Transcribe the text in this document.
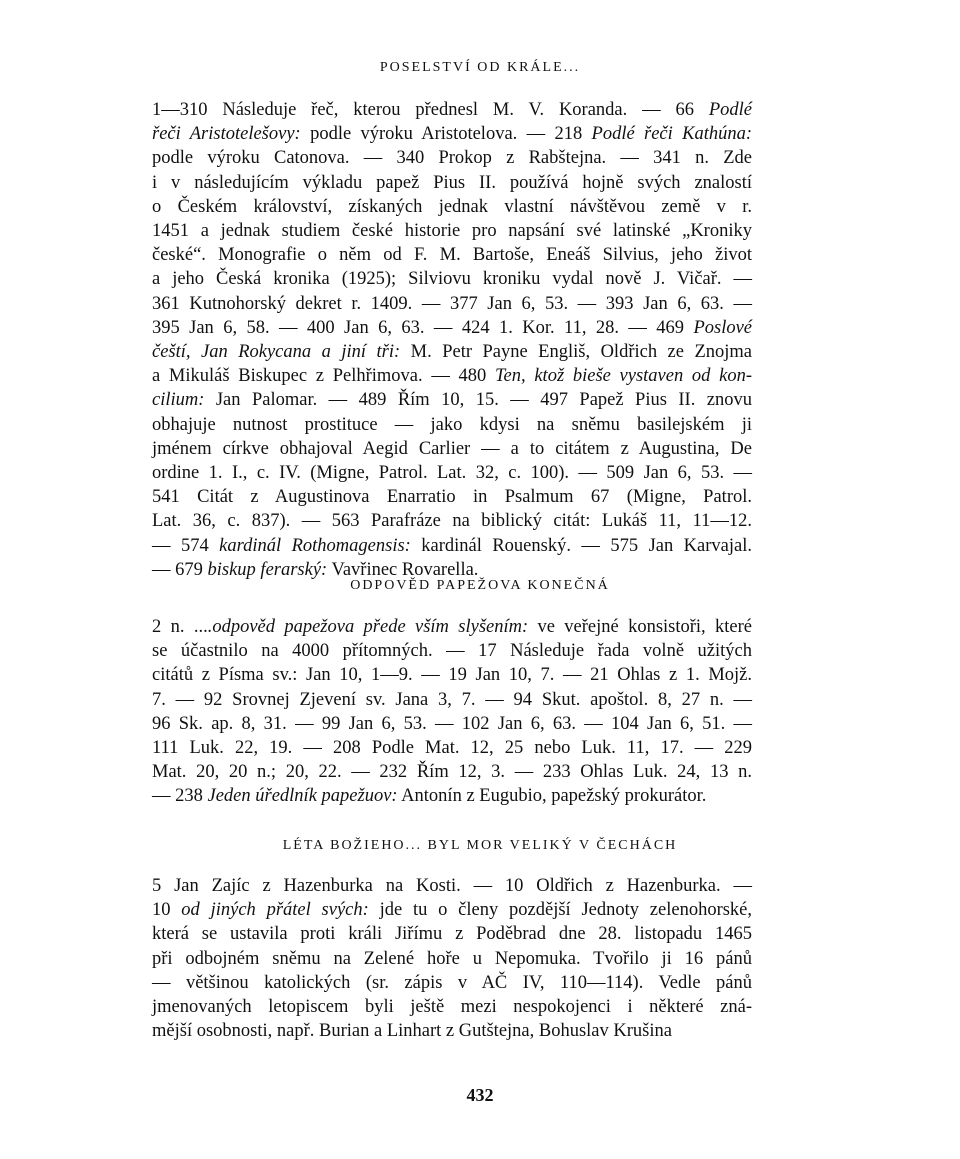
POSELSTVÍ OD KRÁLE...
1—310 Následuje řeč, kterou přednesl M. V. Koranda. — 66 Podlé
řeči Aristotelešovy: podle výroku Aristotelova. — 218 Podlé řeči Kathúna:
podle výroku Catonova. — 340 Prokop z Rabštejna. — 341 n. Zde
i v následujícím výkladu papež Pius II. používá hojně svých znalostí
o Českém království, získaných jednak vlastní návštěvou země v r.
1451 a jednak studiem české historie pro napsání své latinské „Kroniky
české“. Monografie o něm od F. M. Bartoše, Eneáš Silvius, jeho život
a jeho Česká kronika (1925); Silviovu kroniku vydal nově J. Vičař. —
361 Kutnohorský dekret r. 1409. — 377 Jan 6, 53. — 393 Jan 6, 63. —
395 Jan 6, 58. — 400 Jan 6, 63. — 424 1. Kor. 11, 28. — 469 Poslové
čeští, Jan Rokycana a jiní tři: M. Petr Payne Engliš, Oldřich ze Znojma
a Mikuláš Biskupec z Pelhřimova. — 480 Ten, ktož bieše vystaven od kon-
cilium: Jan Palomar. — 489 Řím 10, 15. — 497 Papež Pius II. znovu
obhajuje nutnost prostituce — jako kdysi na sněmu basilejském ji
jménem církve obhajoval Aegid Carlier — a to citátem z Augustina, De
ordine 1. I., c. IV. (Migne, Patrol. Lat. 32, c. 100). — 509 Jan 6, 53. —
541 Citát z Augustinova Enarratio in Psalmum 67 (Migne, Patrol.
Lat. 36, c. 837). — 563 Parafráze na biblický citát: Lukáš 11, 11—12.
— 574 kardinál Rothomagensis: kardinál Rouenský. — 575 Jan Karvajal.
— 679 biskup ferarský: Vavřinec Rovarella.
ODPOVĚD PAPEŽOVA KONEČNÁ
2 n. ....odpověd papežova přede vším slyšením: ve veřejné konsistoři, které
se účastnilo na 4000 přítomných. — 17 Následuje řada volně užitých
citátů z Písma sv.: Jan 10, 1—9. — 19 Jan 10, 7. — 21 Ohlas z 1. Mojž.
7. — 92 Srovnej Zjevení sv. Jana 3, 7. — 94 Skut. apoštol. 8, 27 n. —
96 Sk. ap. 8, 31. — 99 Jan 6, 53. — 102 Jan 6, 63. — 104 Jan 6, 51. —
111 Luk. 22, 19. — 208 Podle Mat. 12, 25 nebo Luk. 11, 17. — 229
Mat. 20, 20 n.; 20, 22. — 232 Řím 12, 3. — 233 Ohlas Luk. 24, 13 n.
— 238 Jeden úředlník papežuov: Antonín z Eugubio, papežský prokurátor.
LÉTA BOŽIEHO... BYL MOR VELIKÝ V ČECHÁCH
5 Jan Zajíc z Hazenburka na Kosti. — 10 Oldřich z Hazenburka. —
10 od jiných přátel svých: jde tu o členy pozdější Jednoty zelenohorské,
která se ustavila proti králi Jiřímu z Poděbrad dne 28. listopadu 1465
při odbojném sněmu na Zelené hoře u Nepomuka. Tvořilo ji 16 pánů
— většinou katolických (sr. zápis v AČ IV, 110—114). Vedle pánů
jmenovaných letopiscem byli ještě mezi nespokojenci i některé zná-
mější osobnosti, např. Burian a Linhart z Gutštejna, Bohuslav Krušina
432
